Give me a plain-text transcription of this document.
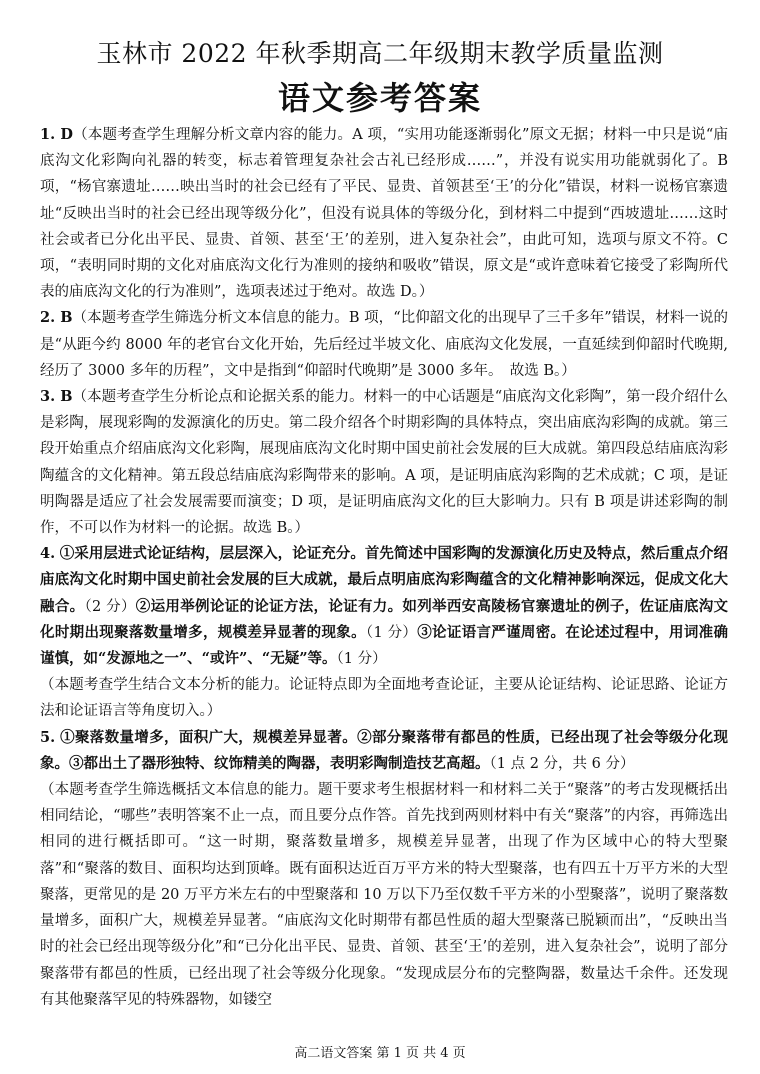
玉林市 2022 年秋季期高二年级期末教学质量监测
语文参考答案

1. D（本题考查学生理解分析文章内容的能力。A 项，“实用功能逐渐弱化”原文无据；材料一中只是说“庙底沟文化彩陶向礼器的转变，标志着管理复杂社会古礼已经形成……”，并没有说实用功能就弱化了。B 项，“杨官寨遗址……映出当时的社会已经有了平民、显贵、首领甚至‘王’的分化”错误，材料一说杨官寨遗址“反映出当时的社会已经出现等级分化”，但没有说具体的等级分化，到材料二中提到“西坡遗址……这时社会或者已分化出平民、显贵、首领、甚至‘王’的差别，进入复杂社会”，由此可知，选项与原文不符。C 项，“表明同时期的文化对庙底沟文化行为准则的接纳和吸收”错误，原文是“或许意味着它接受了彩陶所代表的庙底沟文化的行为准则”，选项表述过于绝对。故选 D。）

2. B（本题考查学生筛选分析文本信息的能力。B 项，“比仰韶文化的出现早了三千多年”错误，材料一说的是“从距今约 8000 年的老官台文化开始，先后经过半坡文化、庙底沟文化发展，一直延续到仰韶时代晚期,经历了 3000 多年的历程”，文中是指到“仰韶时代晚期”是 3000 多年。　故选 B。）

3. B（本题考查学生分析论点和论据关系的能力。材料一的中心话题是“庙底沟文化彩陶”，第一段介绍什么是彩陶，展现彩陶的发源演化的历史。第二段介绍各个时期彩陶的具体特点，突出庙底沟彩陶的成就。第三段开始重点介绍庙底沟文化彩陶，展现庙底沟文化时期中国史前社会发展的巨大成就。第四段总结庙底沟彩陶蕴含的文化精神。第五段总结庙底沟彩陶带来的影响。A 项，是证明庙底沟彩陶的艺术成就；C 项，是证明陶器是适应了社会发展需要而演变；D 项，是证明庙底沟文化的巨大影响力。只有 B 项是讲述彩陶的制作，不可以作为材料一的论据。故选 B。）

4. ①采用层进式论证结构，层层深入，论证充分。首先简述中国彩陶的发源演化历史及特点，然后重点介绍庙底沟文化时期中国史前社会发展的巨大成就，最后点明庙底沟彩陶蕴含的文化精神影响深远，促成文化大融合。（2 分）②运用举例论证的论证方法，论证有力。如列举西安高陵杨官寨遗址的例子，佐证庙底沟文化时期出现聚落数量增多，规模差异显著的现象。（1 分）③论证语言严谨周密。在论述过程中，用词准确谨慎，如“发源地之一”、“或许”、“无疑”等。（1 分）

（本题考查学生结合文本分析的能力。论证特点即为全面地考查论证，主要从论证结构、论证思路、论证方法和论证语言等角度切入。）

5. ①聚落数量增多，面积广大，规模差异显著。②部分聚落带有都邑的性质，已经出现了社会等级分化现象。③都出土了器形独特、纹饰精美的陶器，表明彩陶制造技艺高超。（1 点 2 分，共 6 分）

（本题考查学生筛选概括文本信息的能力。题干要求考生根据材料一和材料二关于“聚落”的考古发现概括出相同结论，“哪些”表明答案不止一点，而且要分点作答。首先找到两则材料中有关“聚落”的内容，再筛选出相同的进行概括即可。“这一时期，聚落数量增多，规模差异显著，出现了作为区域中心的特大型聚落”和“聚落的数目、面积均达到顶峰。既有面积达近百万平方米的特大型聚落，也有四五十万平方米的大型聚落，更常见的是 20 万平方米左右的中型聚落和 10 万以下乃至仅数千平方米的小型聚落”，说明了聚落数量增多，面积广大，规模差异显著。“庙底沟文化时期带有都邑性质的超大型聚落已脱颖而出”，“反映出当时的社会已经出现等级分化”和“已分化出平民、显贵、首领、甚至‘王’的差别，进入复杂社会”，说明了部分聚落带有都邑的性质，已经出现了社会等级分化现象。“发现成层分布的完整陶器，数量达千余件。还发现有其他聚落罕见的特殊器物，如镂空

高二语文答案 第 1 页 共 4 页
